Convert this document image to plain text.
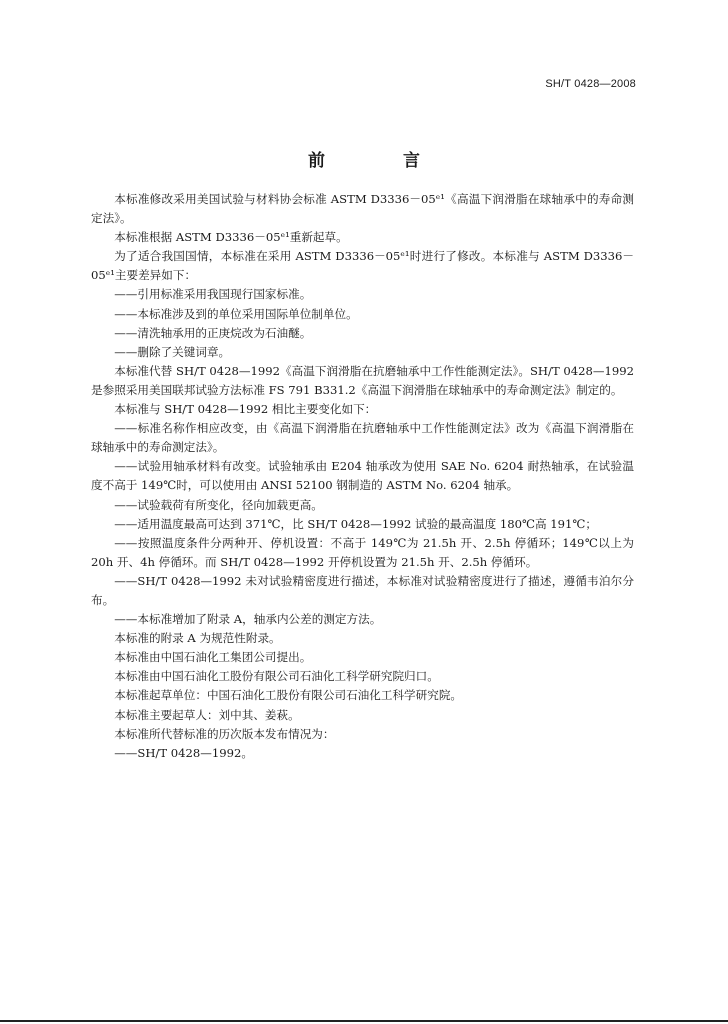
SH/T 0428—2008
前 言

本标准修改采用美国试验与材料协会标准 ASTM D3336－05ᵉ¹《高温下润滑脂在球轴承中的寿命测定法》。

本标准根据 ASTM D3336－05ᵉ¹重新起草。

为了适合我国国情，本标准在采用 ASTM D3336－05ᵉ¹时进行了修改。本标准与 ASTM D3336－05ᵉ¹主要差异如下：

——引用标准采用我国现行国家标准。

——本标准涉及到的单位采用国际单位制单位。

——清洗轴承用的正庚烷改为石油醚。

——删除了关键词章。

本标准代替 SH/T 0428—1992《高温下润滑脂在抗磨轴承中工作性能测定法》。SH/T 0428—1992 是参照采用美国联邦试验方法标准 FS 791 B331.2《高温下润滑脂在球轴承中的寿命测定法》制定的。

本标准与 SH/T 0428—1992 相比主要变化如下：

——标准名称作相应改变，由《高温下润滑脂在抗磨轴承中工作性能测定法》改为《高温下润滑脂在球轴承中的寿命测定法》。

——试验用轴承材料有改变。试验轴承由 E204 轴承改为使用 SAE No. 6204 耐热轴承，在试验温度不高于 149℃时，可以使用由 ANSI 52100 钢制造的 ASTM No. 6204 轴承。

——试验载荷有所变化，径向加载更高。

——适用温度最高可达到 371℃，比 SH/T 0428—1992 试验的最高温度 180℃高 191℃；

——按照温度条件分两种开、停机设置：不高于 149℃为 21.5h 开、2.5h 停循环；149℃以上为 20h 开、4h 停循环。而 SH/T 0428—1992 开停机设置为 21.5h 开、2.5h 停循环。

——SH/T 0428—1992 未对试验精密度进行描述，本标准对试验精密度进行了描述，遵循韦泊尔分布。

——本标准增加了附录 A，轴承内公差的测定方法。

本标准的附录 A 为规范性附录。

本标准由中国石油化工集团公司提出。

本标准由中国石油化工股份有限公司石油化工科学研究院归口。

本标准起草单位：中国石油化工股份有限公司石油化工科学研究院。

本标准主要起草人：刘中其、姜萩。

本标准所代替标准的历次版本发布情况为：

——SH/T 0428—1992。
